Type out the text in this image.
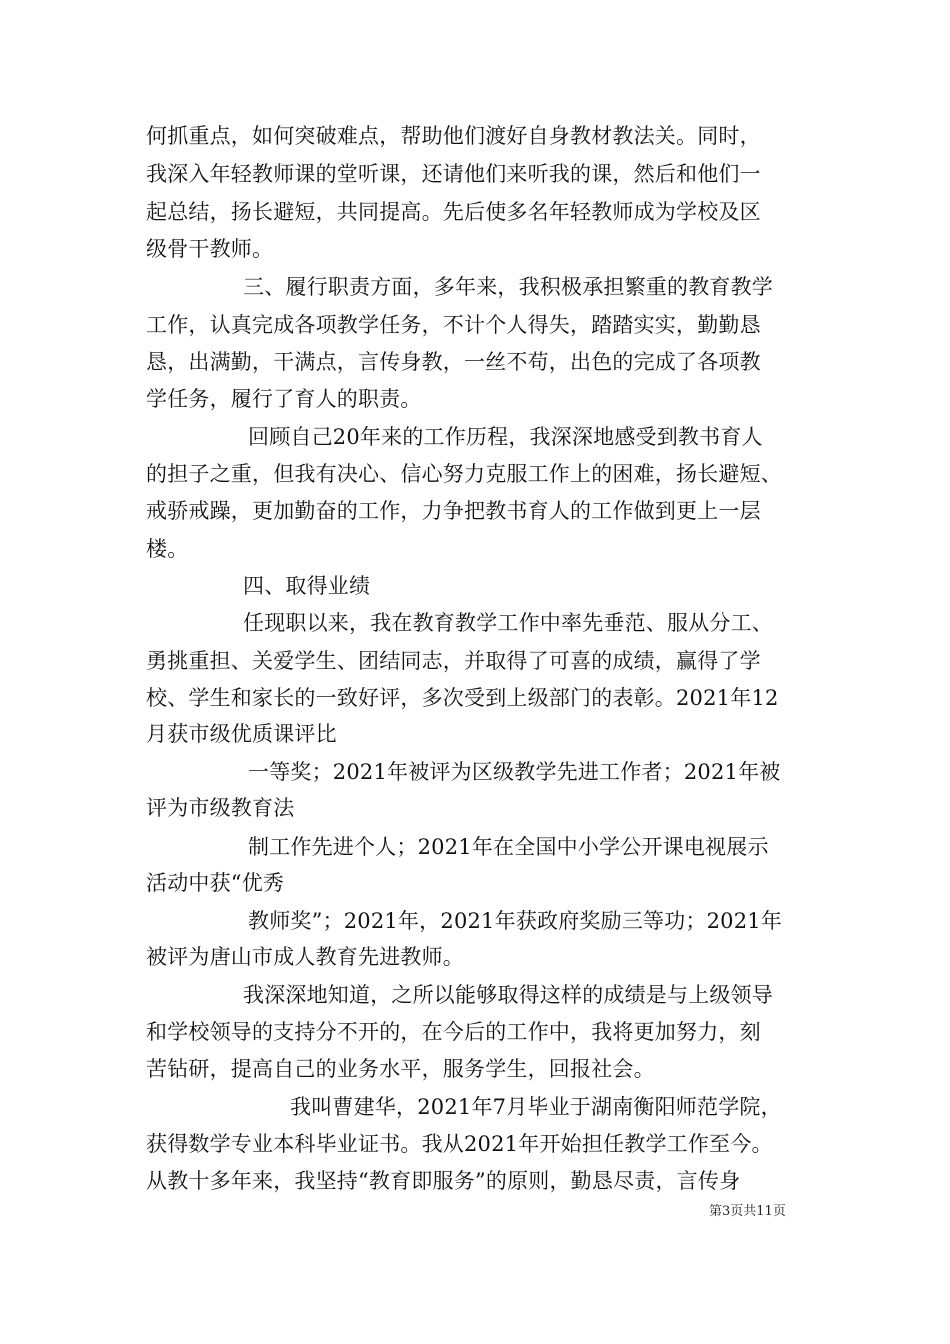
何抓重点，如何突破难点，帮助他们渡好自身教材教法关。同时，
我深入年轻教师课的堂听课，还请他们来听我的课，然后和他们一
起总结，扬长避短，共同提高。先后使多名年轻教师成为学校及区
级骨干教师。
三、履行职责方面，多年来，我积极承担繁重的教育教学
工作，认真完成各项教学任务，不计个人得失，踏踏实实，勤勤恳
恳，出满勤，干满点，言传身教，一丝不苟，出色的完成了各项教
学任务，履行了育人的职责。
回顾自己20年来的工作历程，我深深地感受到教书育人
的担子之重，但我有决心、信心努力克服工作上的困难，扬长避短、
戒骄戒躁，更加勤奋的工作，力争把教书育人的工作做到更上一层
楼。
四、取得业绩
任现职以来，我在教育教学工作中率先垂范、服从分工、
勇挑重担、关爱学生、团结同志，并取得了可喜的成绩，赢得了学
校、学生和家长的一致好评，多次受到上级部门的表彰。2021年12
月获市级优质课评比
一等奖；2021年被评为区级教学先进工作者；2021年被
评为市级教育法
制工作先进个人；2021年在全国中小学公开课电视展示
活动中获“优秀
教师奖”；2021年，2021年获政府奖励三等功；2021年
被评为唐山市成人教育先进教师。
我深深地知道，之所以能够取得这样的成绩是与上级领导
和学校领导的支持分不开的，在今后的工作中，我将更加努力，刻
苦钻研，提高自己的业务水平，服务学生，回报社会。
我叫曹建华，2021年7月毕业于湖南衡阳师范学院，
获得数学专业本科毕业证书。我从2021年开始担任教学工作至今。
从教十多年来，我坚持“教育即服务”的原则，勤恳尽责，言传身
第3页共11页
